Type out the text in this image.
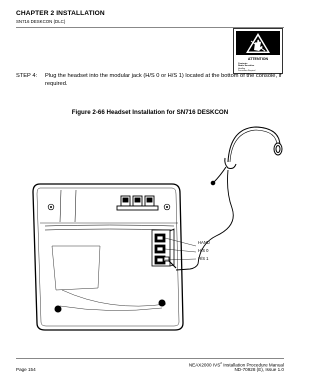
CHAPTER 2 INSTALLATION
SN716 DESKCON (DLC)
ATTENTION
Contents
Static Sensitive
Handling
Precautions Required
STEP 4: Plug the headset into the modular jack (H/S 0 or H/S 1) located at the bottom of the console, if required.
Figure 2-66 Headset Installation for SN716 DESKCON
HAND
H/S 0
H/S 1
NEAX2000 IVS$^2$ Installation Procedure Manual
Page 154	ND-70928 (E), Issue 1.0
